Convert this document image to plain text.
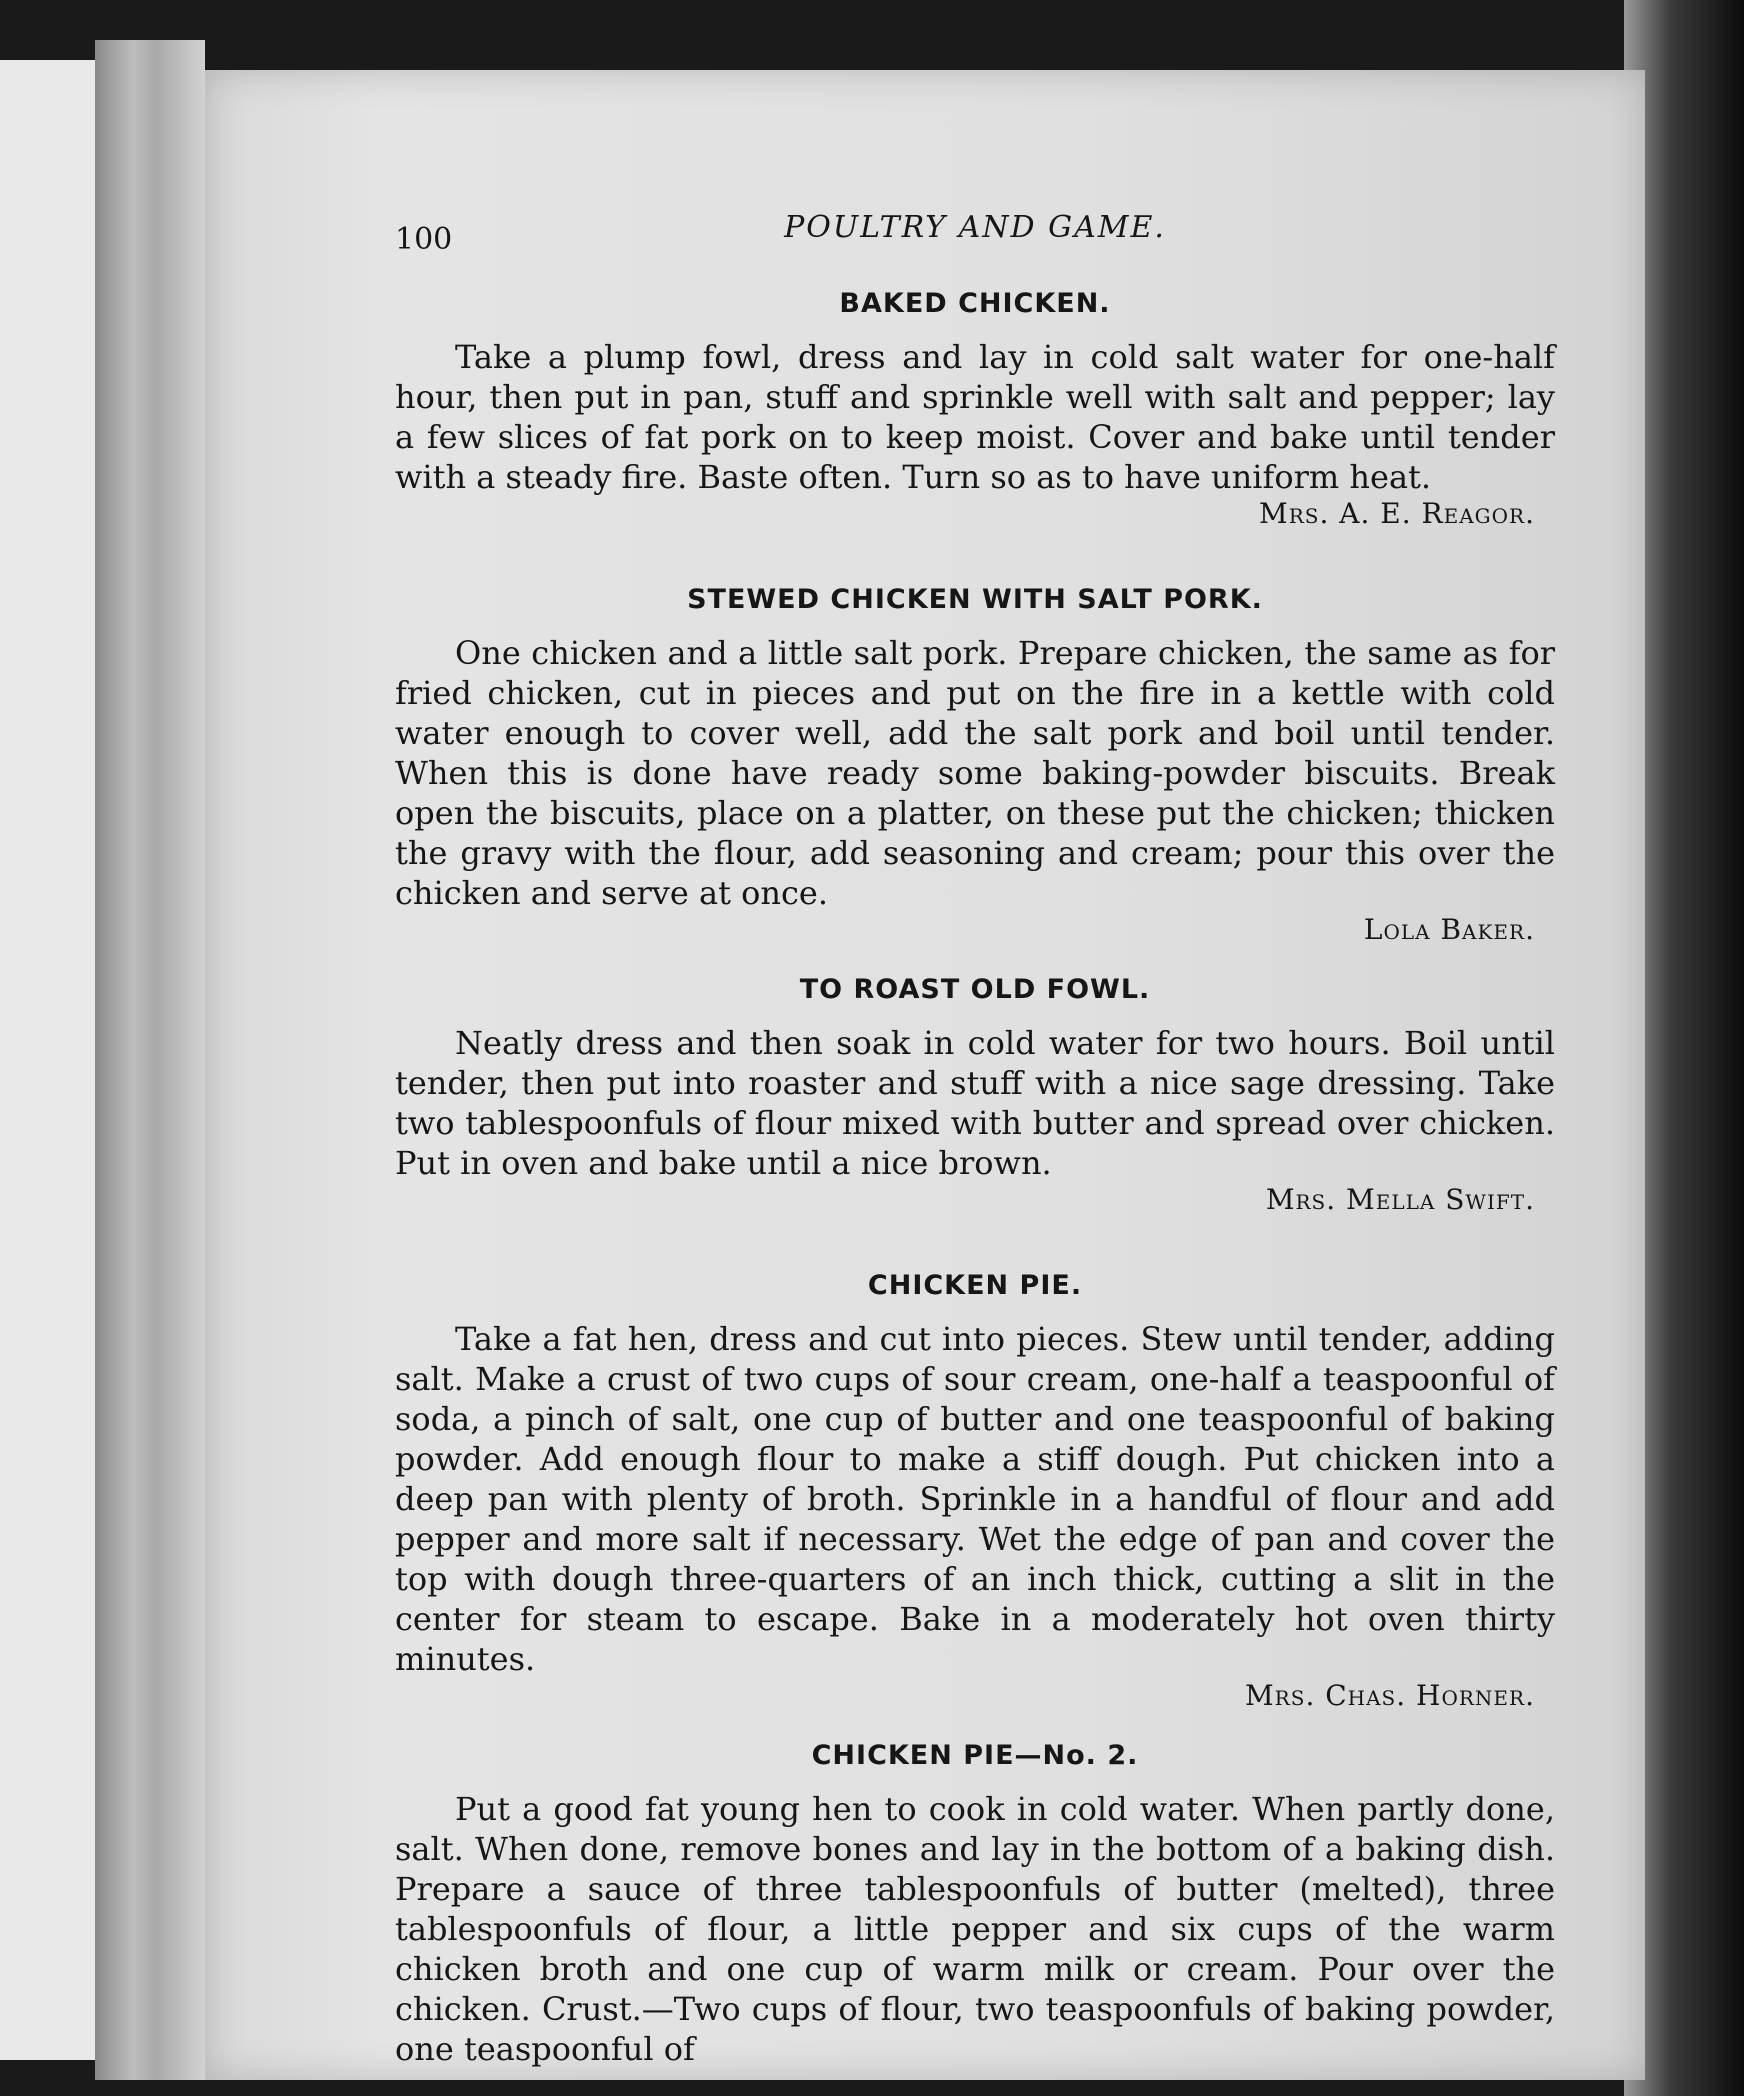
100	POULTRY AND GAME.
BAKED CHICKEN.

Take a plump fowl, dress and lay in cold salt water for one-half hour, then put in pan, stuff and sprinkle well with salt and pepper; lay a few slices of fat pork on to keep moist. Cover and bake until tender with a steady fire. Baste often. Turn so as to have uniform heat.

Mrs. A. E. Reagor.
STEWED CHICKEN WITH SALT PORK.

One chicken and a little salt pork. Prepare chicken, the same as for fried chicken, cut in pieces and put on the fire in a kettle with cold water enough to cover well, add the salt pork and boil until tender. When this is done have ready some baking-powder biscuits. Break open the biscuits, place on a platter, on these put the chicken; thicken the gravy with the flour, add seasoning and cream; pour this over the chicken and serve at once.

Lola Baker.
TO ROAST OLD FOWL.

Neatly dress and then soak in cold water for two hours. Boil until tender, then put into roaster and stuff with a nice sage dressing. Take two tablespoonfuls of flour mixed with butter and spread over chicken. Put in oven and bake until a nice brown.

Mrs. Mella Swift.
CHICKEN PIE.

Take a fat hen, dress and cut into pieces. Stew until tender, adding salt. Make a crust of two cups of sour cream, one-half a teaspoonful of soda, a pinch of salt, one cup of butter and one teaspoonful of baking powder. Add enough flour to make a stiff dough. Put chicken into a deep pan with plenty of broth. Sprinkle in a handful of flour and add pepper and more salt if necessary. Wet the edge of pan and cover the top with dough three-quarters of an inch thick, cutting a slit in the center for steam to escape. Bake in a moderately hot oven thirty minutes.

Mrs. Chas. Horner.
CHICKEN PIE—No. 2.

Put a good fat young hen to cook in cold water. When partly done, salt. When done, remove bones and lay in the bottom of a baking dish. Prepare a sauce of three tablespoonfuls of butter (melted), three tablespoonfuls of flour, a little pepper and six cups of the warm chicken broth and one cup of warm milk or cream. Pour over the chicken. Crust.—Two cups of flour, two teaspoonfuls of baking powder, one teaspoonful of
